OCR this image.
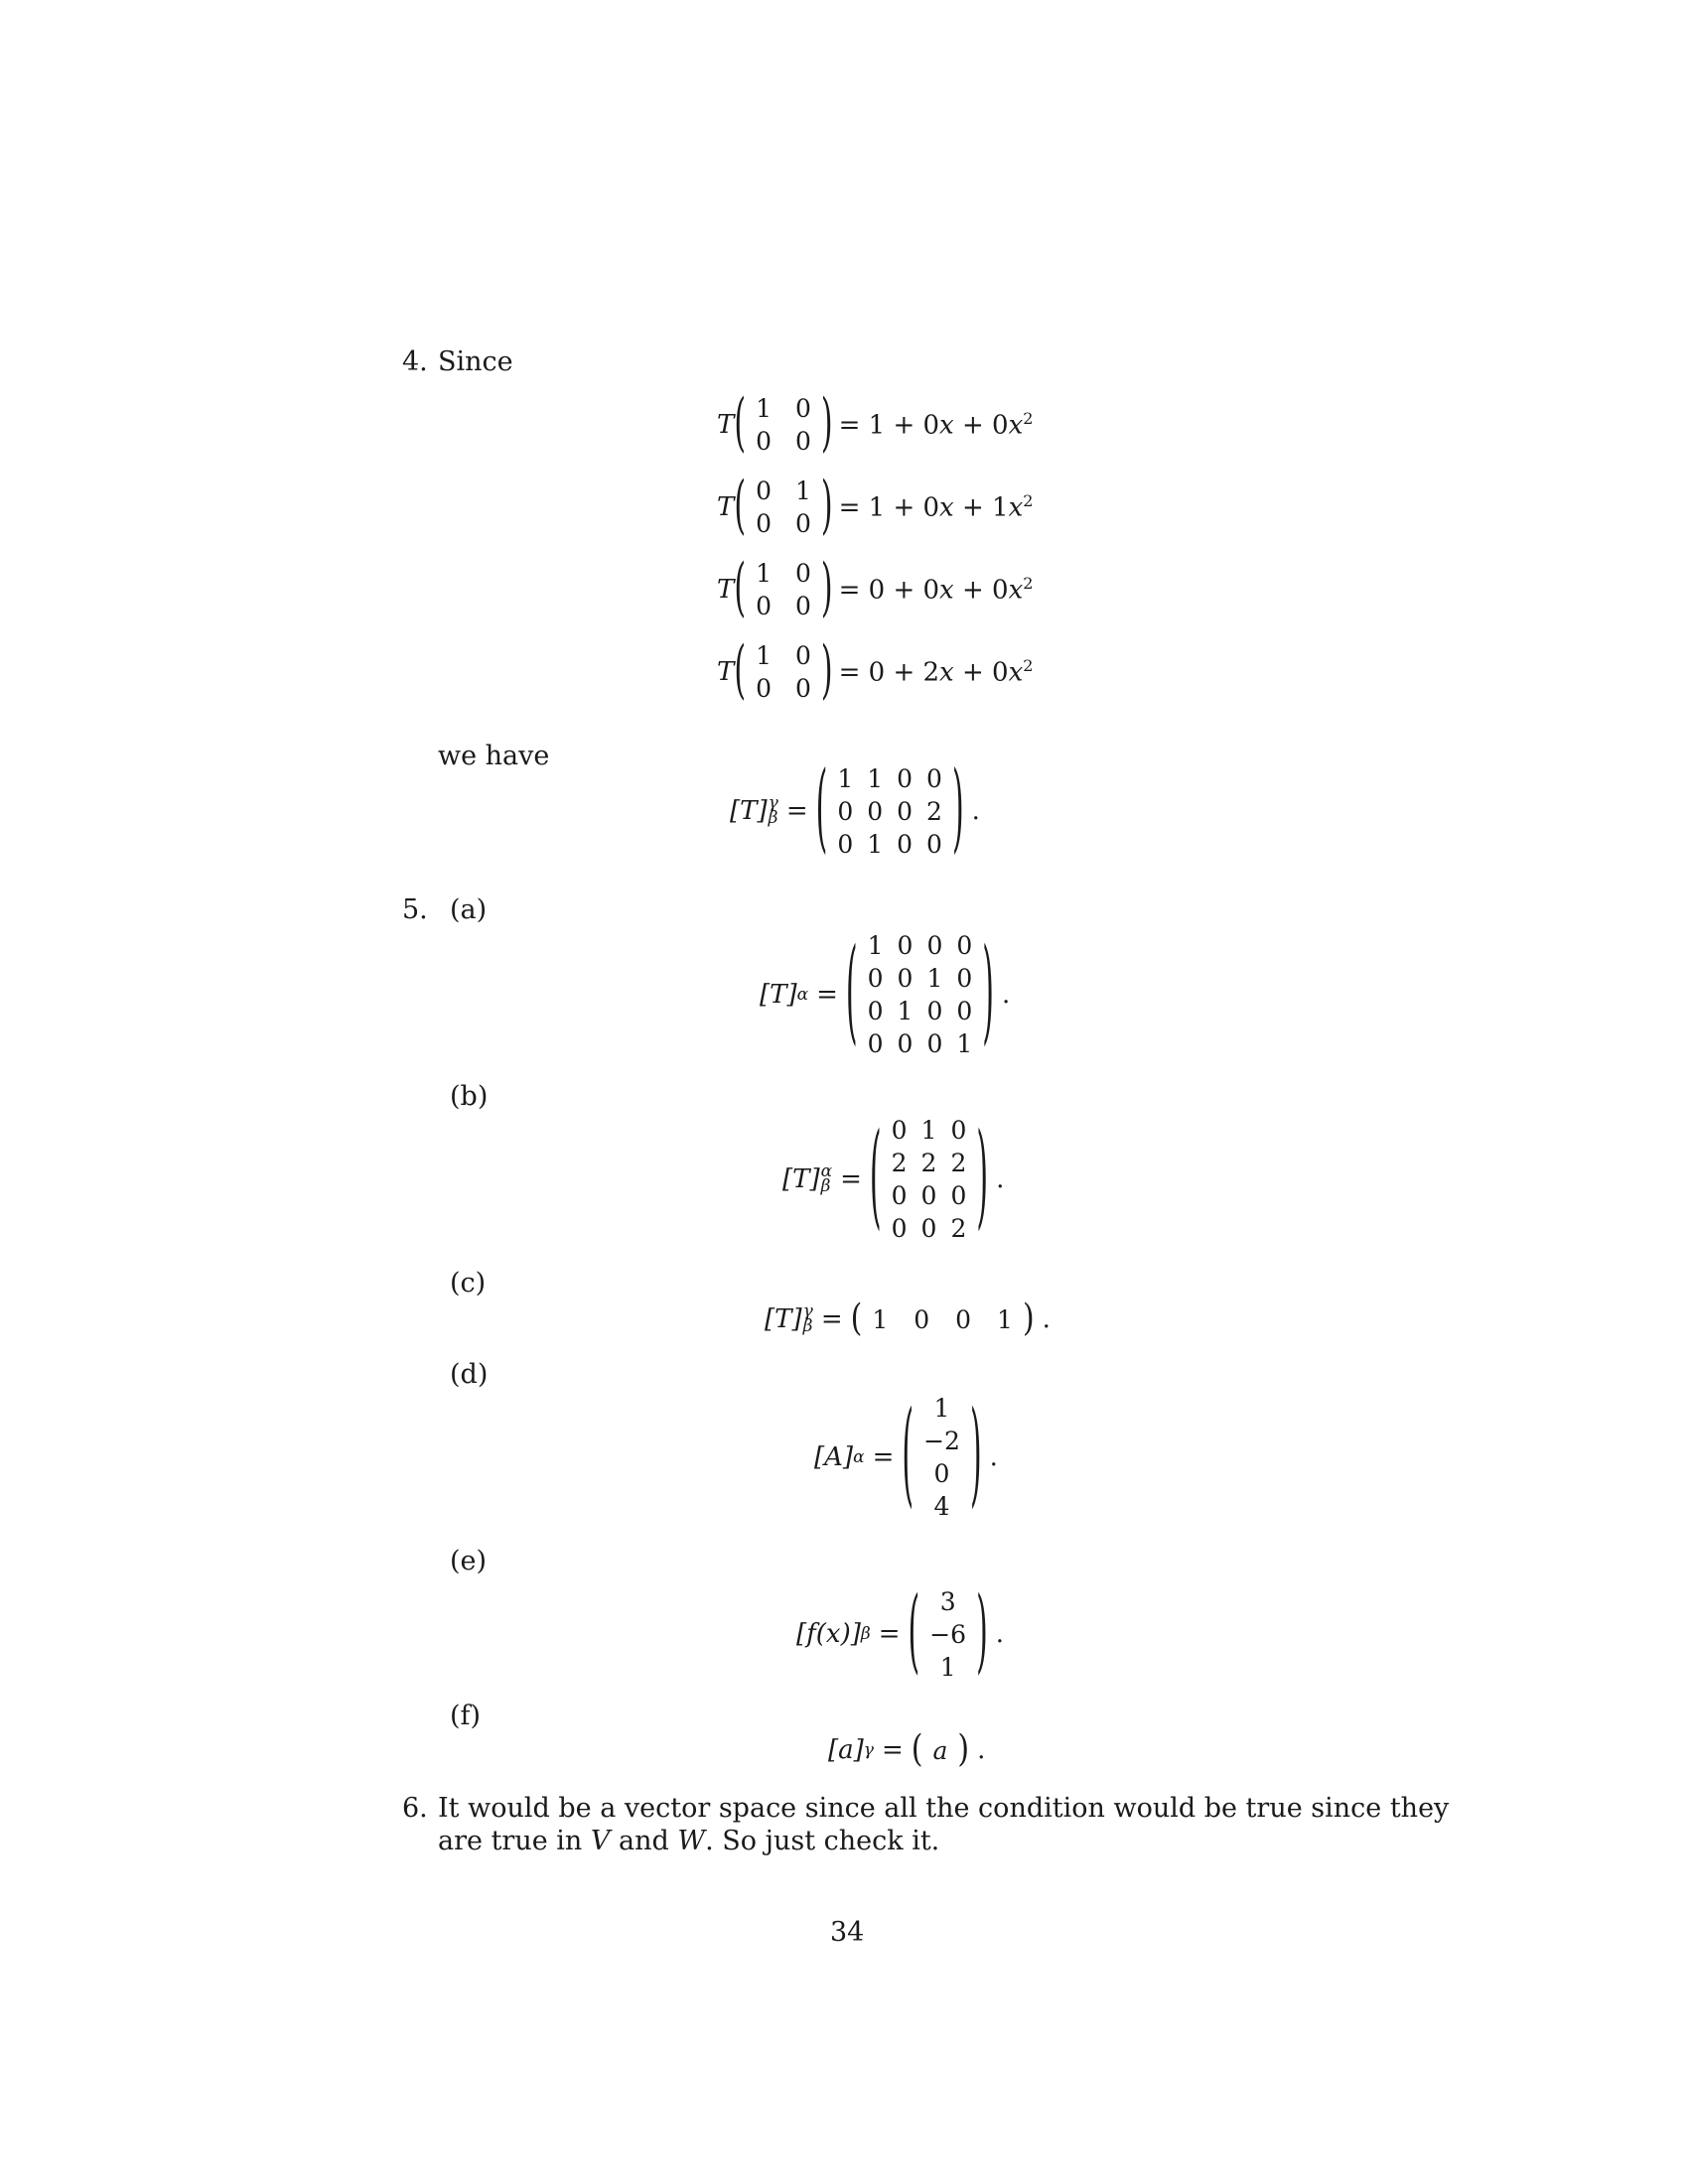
4. Since
T ( 1 0
0 0 ) = $1 + 0x + 0x^2$
T ( 0 1
0 0 ) = $1 + 0x + 1x^2$
T ( 1 0
0 0 ) = $0 + 0x + 0x^2$
T ( 1 0
0 0 ) = $0 + 2x + 0x^2$
we have
[T] γ
β = ( 1 1 0 0
0 0 0 2
0 1 0 0 ) .
5. (a)
[T] α = ( 1 0 0 0
0 0 1 0
0 1 0 0
0 0 0 1 ) .
(b)
[T] α
β = ( 0 1 0
2 2 2
0 0 0
0 0 2 ) .
(c)
[T] γ
β = ( 1 0 0 1 ) .
(d)
[A] α = ( 1
−2
0
4 ) .
(e)
[f(x)] β = ( 3
−6
1 ) .
(f)
[a] γ = ( a ) .
6. It would be a vector space since all the condition would be true since they
are true in V and W. So just check it.
34
